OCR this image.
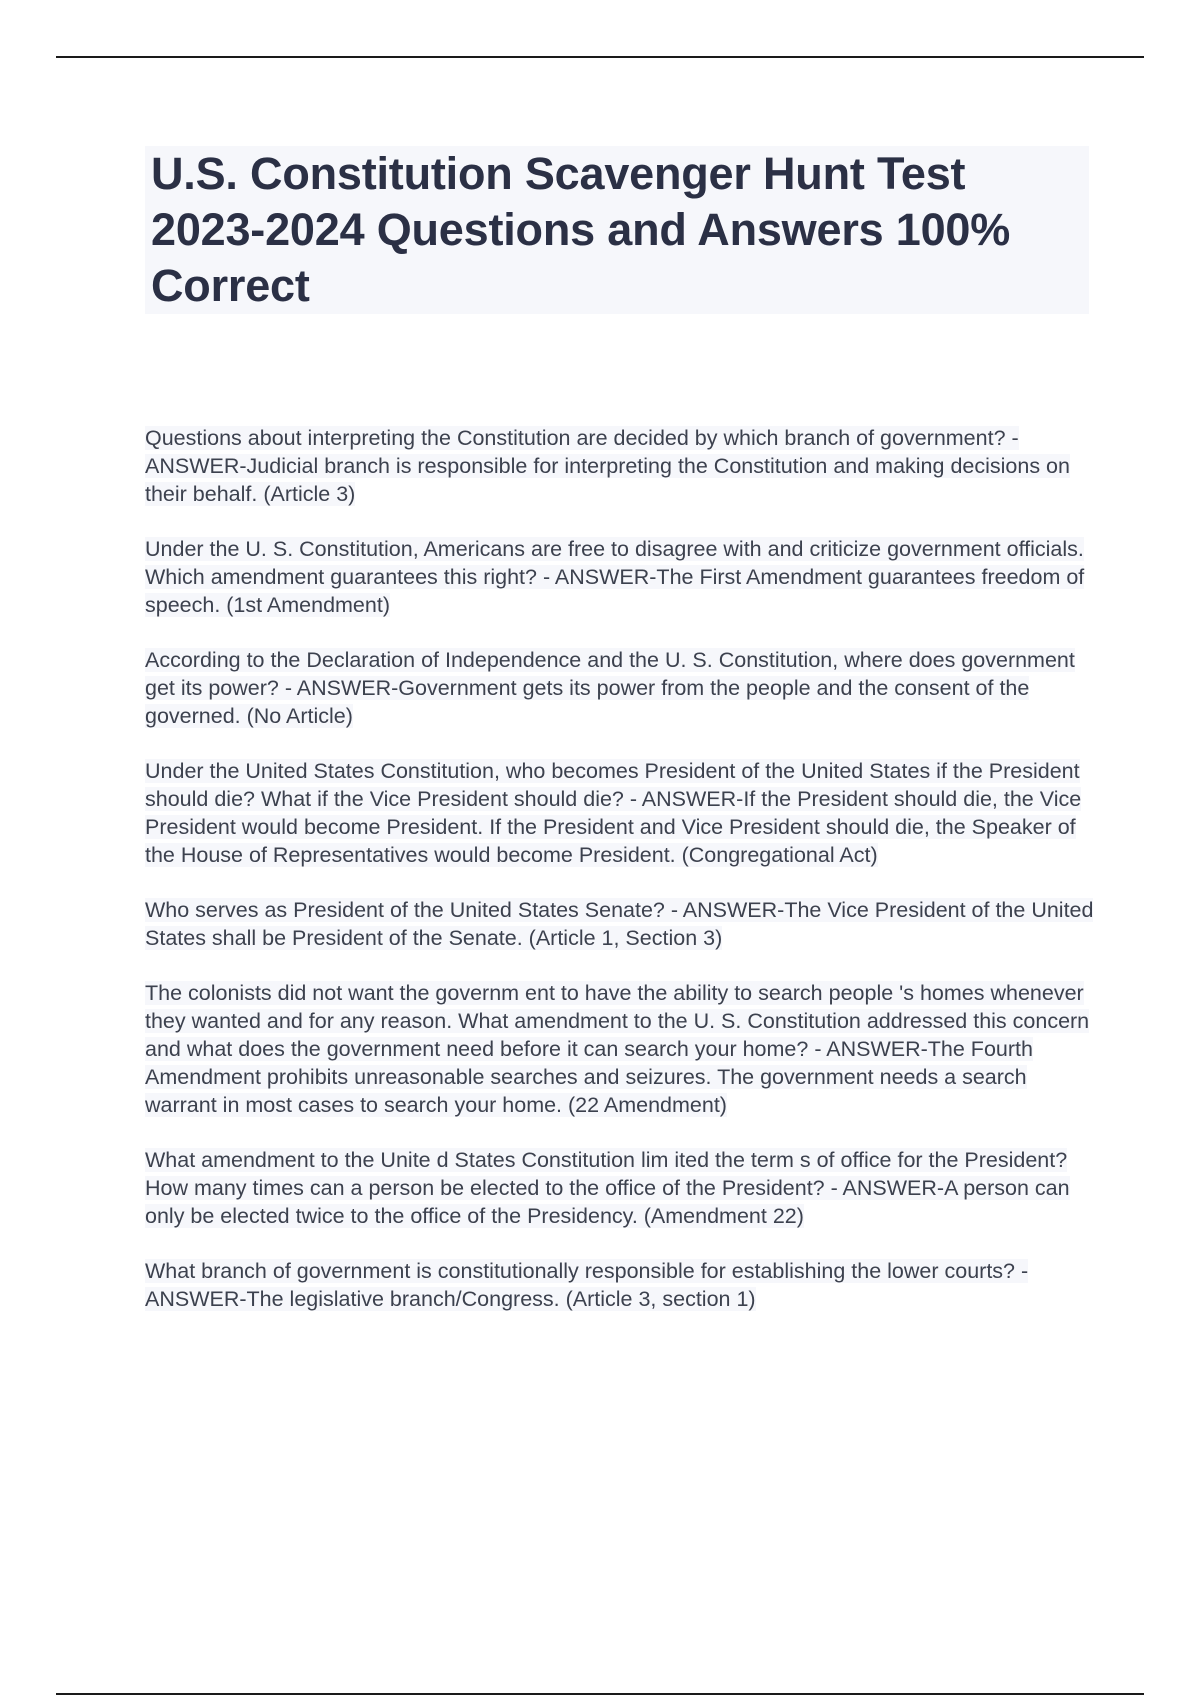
U.S. Constitution Scavenger Hunt Test 2023-2024 Questions and Answers 100% Correct

Questions about interpreting the Constitution are decided by which branch of government? - ANSWER-Judicial branch is responsible for interpreting the Constitution and making decisions on their behalf. (Article 3)

Under the U. S. Constitution, Americans are free to disagree with and criticize government officials. Which amendment guarantees this right? - ANSWER-The First Amendment guarantees freedom of speech. (1st Amendment)

According to the Declaration of Independence and the U. S. Constitution, where does government get its power? - ANSWER-Government gets its power from the people and the consent of the governed. (No Article)

Under the United States Constitution, who becomes President of the United States if the President should die? What if the Vice President should die? - ANSWER-If the President should die, the Vice President would become President. If the President and Vice President should die, the Speaker of the House of Representatives would become President. (Congregational Act)

Who serves as President of the United States Senate? - ANSWER-The Vice President of the United States shall be President of the Senate. (Article 1, Section 3)

The colonists did not want the governm ent to have the ability to search people 's homes whenever they wanted and for any reason. What amendment to the U. S. Constitution addressed this concern and what does the government need before it can search your home? - ANSWER-The Fourth Amendment prohibits unreasonable searches and seizures. The government needs a search warrant in most cases to search your home. (22 Amendment)

What amendment to the Unite d States Constitution lim ited the term s of office for the President? How many times can a person be elected to the office of the President? - ANSWER-A person can only be elected twice to the office of the Presidency. (Amendment 22)

What branch of government is constitutionally responsible for establishing the lower courts? - ANSWER-The legislative branch/Congress. (Article 3, section 1)
